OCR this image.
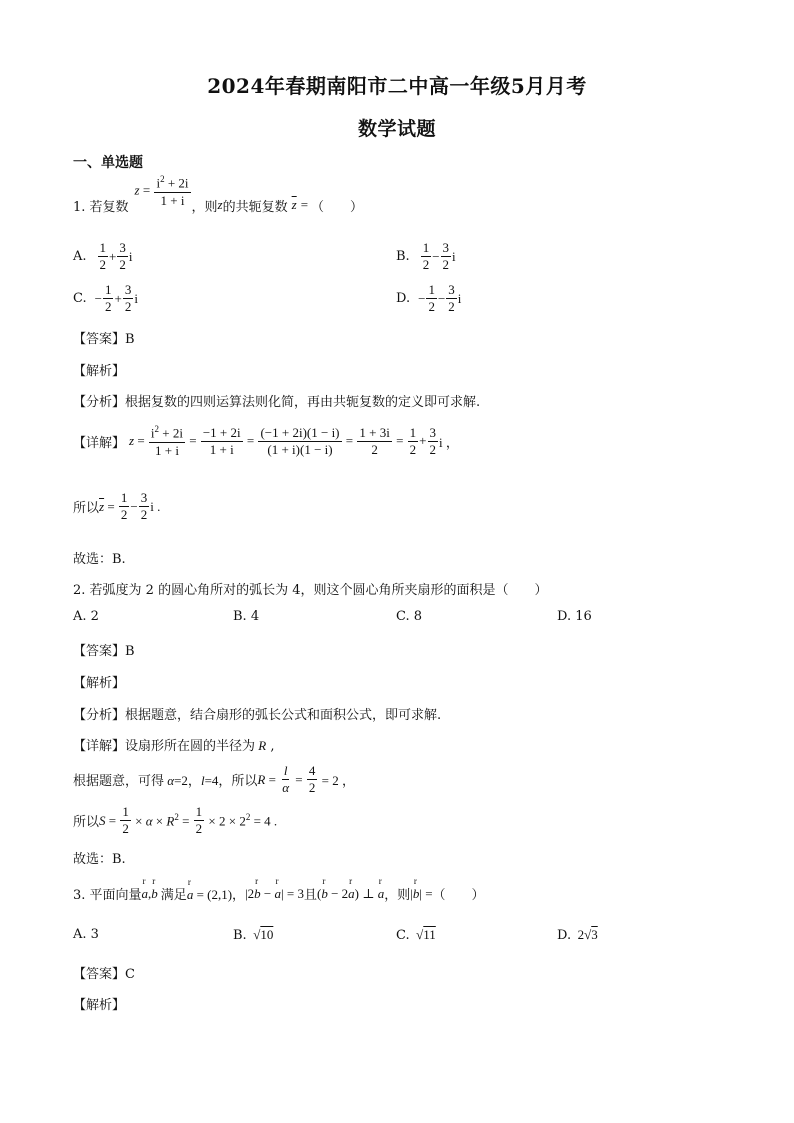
2024年春期南阳市二中高一年级5月月考
数学试题
一、单选题
1. 若复数
$z = \frac{i^2 + 2i}{1 + i}$ ，则 z 的共轭复数 $\overline{z}$ = （　　）
A. $\frac{1}{2} + \frac{3}{2}$ i	B. $\frac{1}{2} - \frac{3}{2}$ i
C. − $\frac{1}{2} + \frac{3}{2}$ i	D. − $\frac{1}{2} - \frac{3}{2}$ i
【答案】B
【解析】
【分析】根据复数的四则运算法则化简，再由共轭复数的定义即可求解.
【详解】 $z = \frac{i^2 + 2i}{1 + i} = \frac{-1 + 2i}{1 + i} = \frac{(-1 + 2i)(1 - i)}{(1 + i)(1 - i)} = \frac{1 + 3i}{2} = \frac{1}{2} + \frac{3}{2}$ i ，
所以 $\overline{z} = \frac{1}{2} - \frac{3}{2}$ i .
故选：B.
2. 若弧度为 2 的圆心角所对的弧长为 4，则这个圆心角所夹扇形的面积是（　　）
A. 2	B. 4	C. 8	D. 16
【答案】B
【解析】
【分析】根据题意，结合扇形的弧长公式和面积公式，即可求解.
【详解】设扇形所在圆的半径为 R ,
根据题意，可得 α=2，l=4 ，所以 $R = \frac{l}{\alpha} = \frac{4}{2} = 2$ ，
所以 $S = \frac{1}{2} \times \alpha \times R^2 = \frac{1}{2} \times 2 \times 2^2 = 4$ .
故选：B.
3. 平面向量 r a,r b 满足 r a = (2,1)， |2r b − r a| = 3 且 (r b − 2r a) ⊥ r a ，则 |r b| = （　　）
A. 3	B.  √10	C.  √11	D.  2√3
【答案】C
【解析】
